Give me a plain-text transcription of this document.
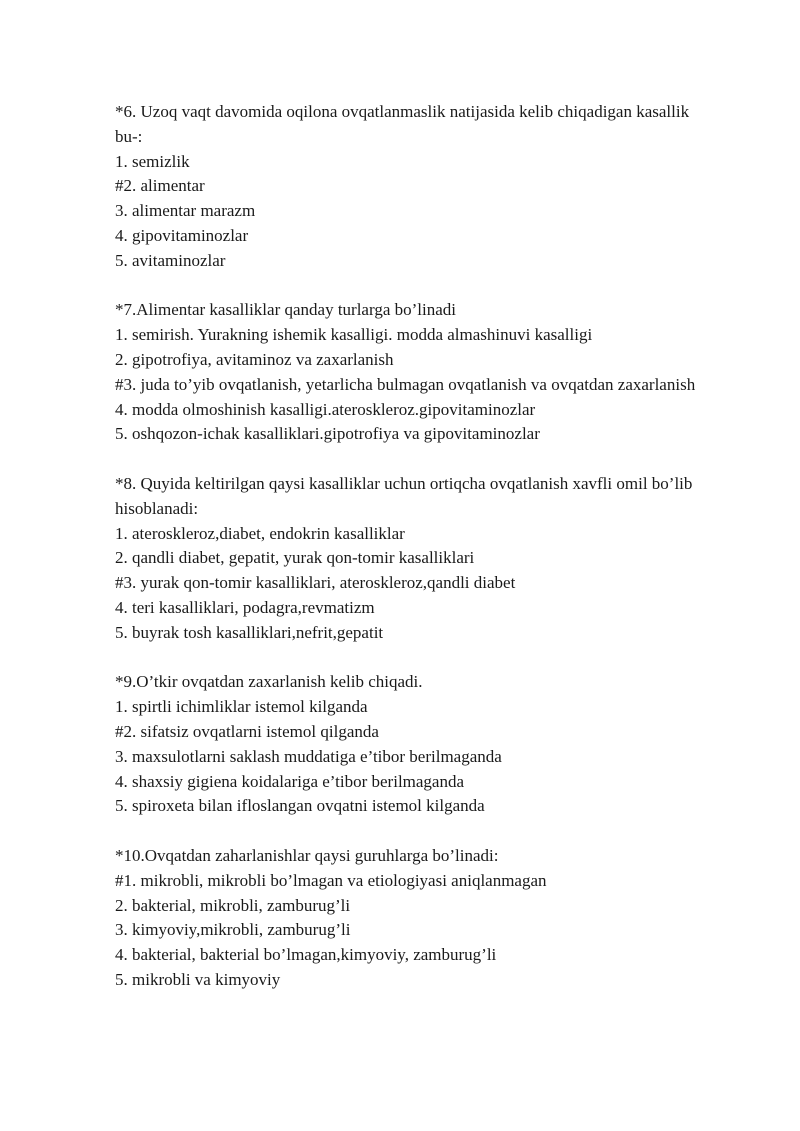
*6. Uzoq vaqt davomida oqilona ovqatlanmaslik natijasida kelib chiqadigan kasallik bu-:
1. semizlik
#2. alimentar
3. alimentar marazm
4. gipovitaminozlar
5. avitaminozlar
*7.Alimentar kasalliklar qanday turlarga bo’linadi
1. semirish. Yurakning ishemik kasalligi. modda almashinuvi kasalligi
2. gipotrofiya, avitaminoz va zaxarlanish
#3. juda to’yib ovqatlanish, yetarlicha bulmagan ovqatlanish va ovqatdan zaxarlanish
4. modda olmoshinish kasalligi.ateroskleroz.gipovitaminozlar
5. oshqozon-ichak kasalliklari.gipotrofiya va gipovitaminozlar
*8. Quyida keltirilgan qaysi kasalliklar uchun ortiqcha ovqatlanish xavfli omil bo’lib hisoblanadi:
1. ateroskleroz,diabet, endokrin kasalliklar
2. qandli diabet, gepatit, yurak qon-tomir kasalliklari
#3. yurak qon-tomir kasalliklari, ateroskleroz,qandli diabet
4. teri kasalliklari, podagra,revmatizm
5. buyrak tosh kasalliklari,nefrit,gepatit
*9.O’tkir ovqatdan zaxarlanish kelib chiqadi.
1. spirtli ichimliklar istemol kilganda
#2. sifatsiz ovqatlarni istemol qilganda
3. maxsulotlarni saklash muddatiga e’tibor berilmaganda
4. shaxsiy gigiena koidalariga e’tibor berilmaganda
5. spiroxeta bilan ifloslangan ovqatni istemol kilganda
*10.Ovqatdan zaharlanishlar qaysi guruhlarga bo’linadi:
#1. mikrobli, mikrobli bo’lmagan va etiologiyasi aniqlanmagan
2. bakterial, mikrobli, zamburug’li
3. kimyoviy,mikrobli, zamburug’li
4. bakterial, bakterial bo’lmagan,kimyoviy, zamburug’li
5. mikrobli va kimyoviy
